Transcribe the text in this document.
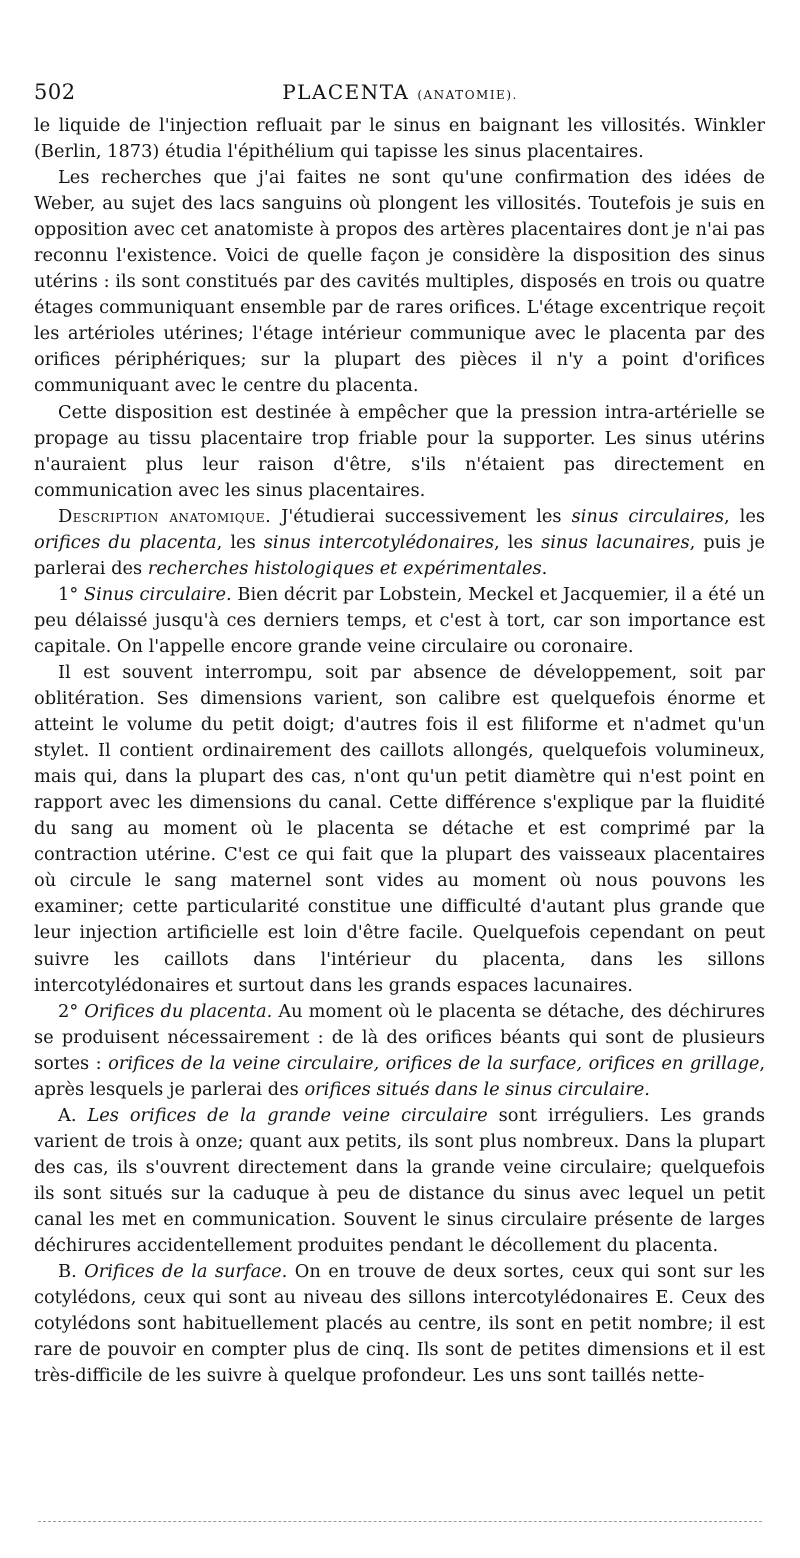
502	PLACENTA (ANATOMIE).

le liquide de l'injection refluait par le sinus en baignant les villosités. Winkler (Berlin, 1873) étudia l'épithélium qui tapisse les sinus placentaires.

Les recherches que j'ai faites ne sont qu'une confirmation des idées de Weber, au sujet des lacs sanguins où plongent les villosités. Toutefois je suis en opposition avec cet anatomiste à propos des artères placentaires dont je n'ai pas reconnu l'existence. Voici de quelle façon je considère la disposition des sinus utérins : ils sont constitués par des cavités multiples, disposés en trois ou quatre étages communiquant ensemble par de rares orifices. L'étage excentrique reçoit les artérioles utérines; l'étage intérieur communique avec le placenta par des orifices périphériques; sur la plupart des pièces il n'y a point d'orifices communiquant avec le centre du placenta.

Cette disposition est destinée à empêcher que la pression intra-artérielle se propage au tissu placentaire trop friable pour la supporter. Les sinus utérins n'auraient plus leur raison d'être, s'ils n'étaient pas directement en communication avec les sinus placentaires.

Description anatomique. J'étudierai successivement les sinus circulaires, les orifices du placenta, les sinus intercotylédonaires, les sinus lacunaires, puis je parlerai des recherches histologiques et expérimentales.

1° Sinus circulaire. Bien décrit par Lobstein, Meckel et Jacquemier, il a été un peu délaissé jusqu'à ces derniers temps, et c'est à tort, car son importance est capitale. On l'appelle encore grande veine circulaire ou coronaire.

Il est souvent interrompu, soit par absence de développement, soit par oblitération. Ses dimensions varient, son calibre est quelquefois énorme et atteint le volume du petit doigt; d'autres fois il est filiforme et n'admet qu'un stylet. Il contient ordinairement des caillots allongés, quelquefois volumineux, mais qui, dans la plupart des cas, n'ont qu'un petit diamètre qui n'est point en rapport avec les dimensions du canal. Cette différence s'explique par la fluidité du sang au moment où le placenta se détache et est comprimé par la contraction utérine. C'est ce qui fait que la plupart des vaisseaux placentaires où circule le sang maternel sont vides au moment où nous pouvons les examiner; cette particularité constitue une difficulté d'autant plus grande que leur injection artificielle est loin d'être facile. Quelquefois cependant on peut suivre les caillots dans l'intérieur du placenta, dans les sillons intercotylédonaires et surtout dans les grands espaces lacunaires.

2° Orifices du placenta. Au moment où le placenta se détache, des déchirures se produisent nécessairement : de là des orifices béants qui sont de plusieurs sortes : orifices de la veine circulaire, orifices de la surface, orifices en grillage, après lesquels je parlerai des orifices situés dans le sinus circulaire.

A. Les orifices de la grande veine circulaire sont irréguliers. Les grands varient de trois à onze; quant aux petits, ils sont plus nombreux. Dans la plupart des cas, ils s'ouvrent directement dans la grande veine circulaire; quelquefois ils sont situés sur la caduque à peu de distance du sinus avec lequel un petit canal les met en communication. Souvent le sinus circulaire présente de larges déchirures accidentellement produites pendant le décollement du placenta.

B. Orifices de la surface. On en trouve de deux sortes, ceux qui sont sur les cotylédons, ceux qui sont au niveau des sillons intercotylédonaires E. Ceux des cotylédons sont habituellement placés au centre, ils sont en petit nombre; il est rare de pouvoir en compter plus de cinq. Ils sont de petites dimensions et il est très-difficile de les suivre à quelque profondeur. Les uns sont taillés nette-
